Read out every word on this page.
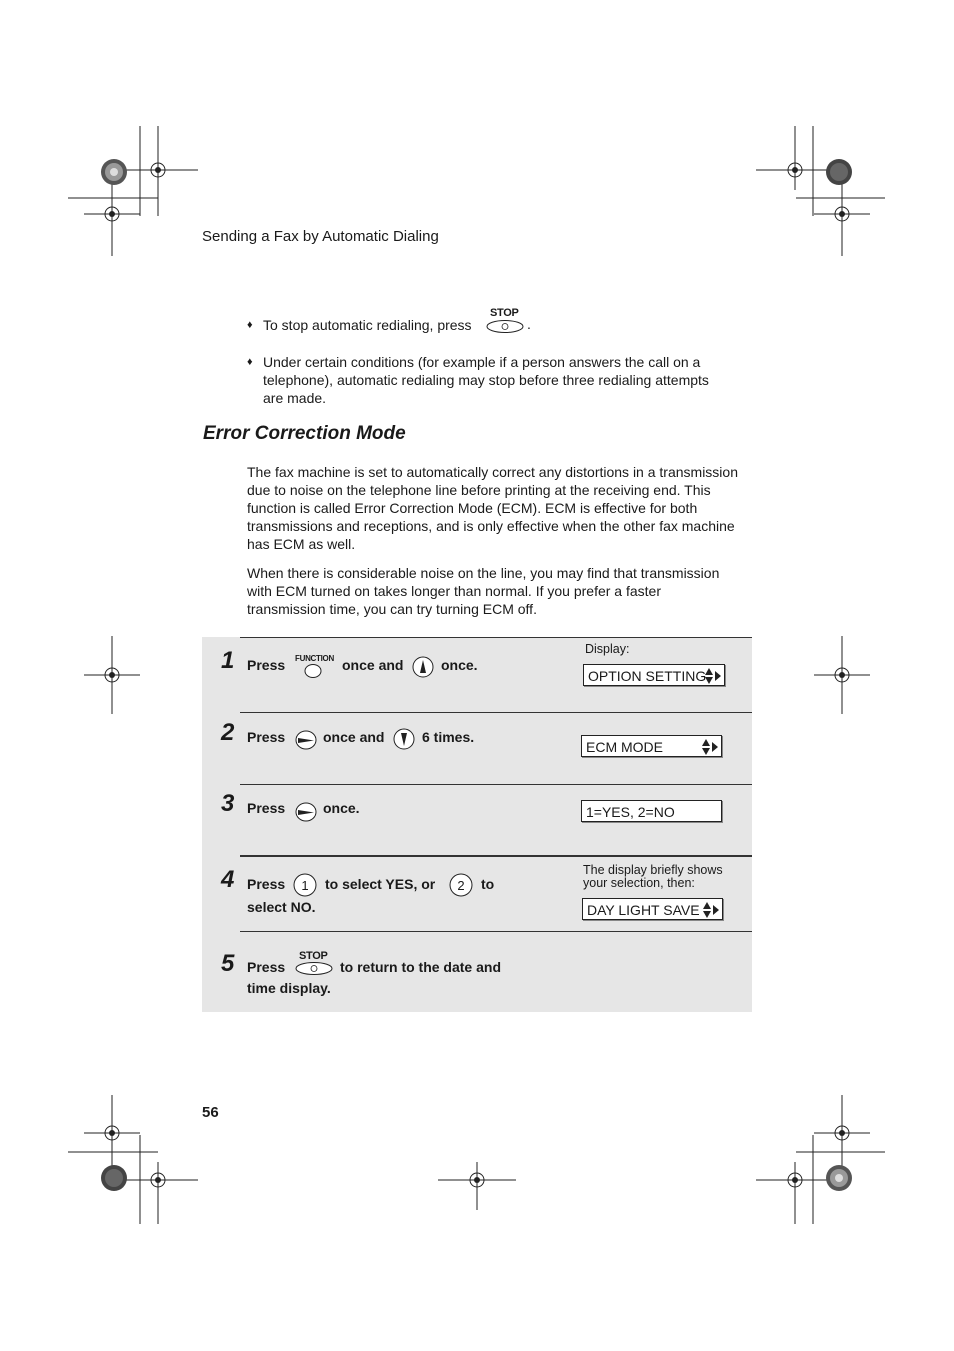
Sending a Fax by Automatic Dialing
♦ To stop automatic redialing, press
STOP
.
♦ Under certain conditions (for example if a person answers the call on a telephone), automatic redialing may stop before three redialing attempts are made.
Error Correction Mode
The fax machine is set to automatically correct any distortions in a transmission due to noise on the telephone line before printing at the receiving end. This function is called Error Correction Mode (ECM). ECM is effective for both transmissions and receptions, and is only effective when the other fax machine has ECM as well.
When there is considerable noise on the line, you may find that transmission with ECM turned on takes longer than normal. If you prefer a faster transmission time, you can try turning ECM off.
1 Press FUNCTION once and	once.
Display:
OPTION SETTING
2 Press	once and	6 times.
ECM MODE
3 Press	once.	1=YES, 2=NO
4 Press 1 to select YES, or 2 to
select NO.
The display briefly shows
your selection, then:
DAY LIGHT SAVE
5 Press
STOP
to return to the date and
time display.
56
